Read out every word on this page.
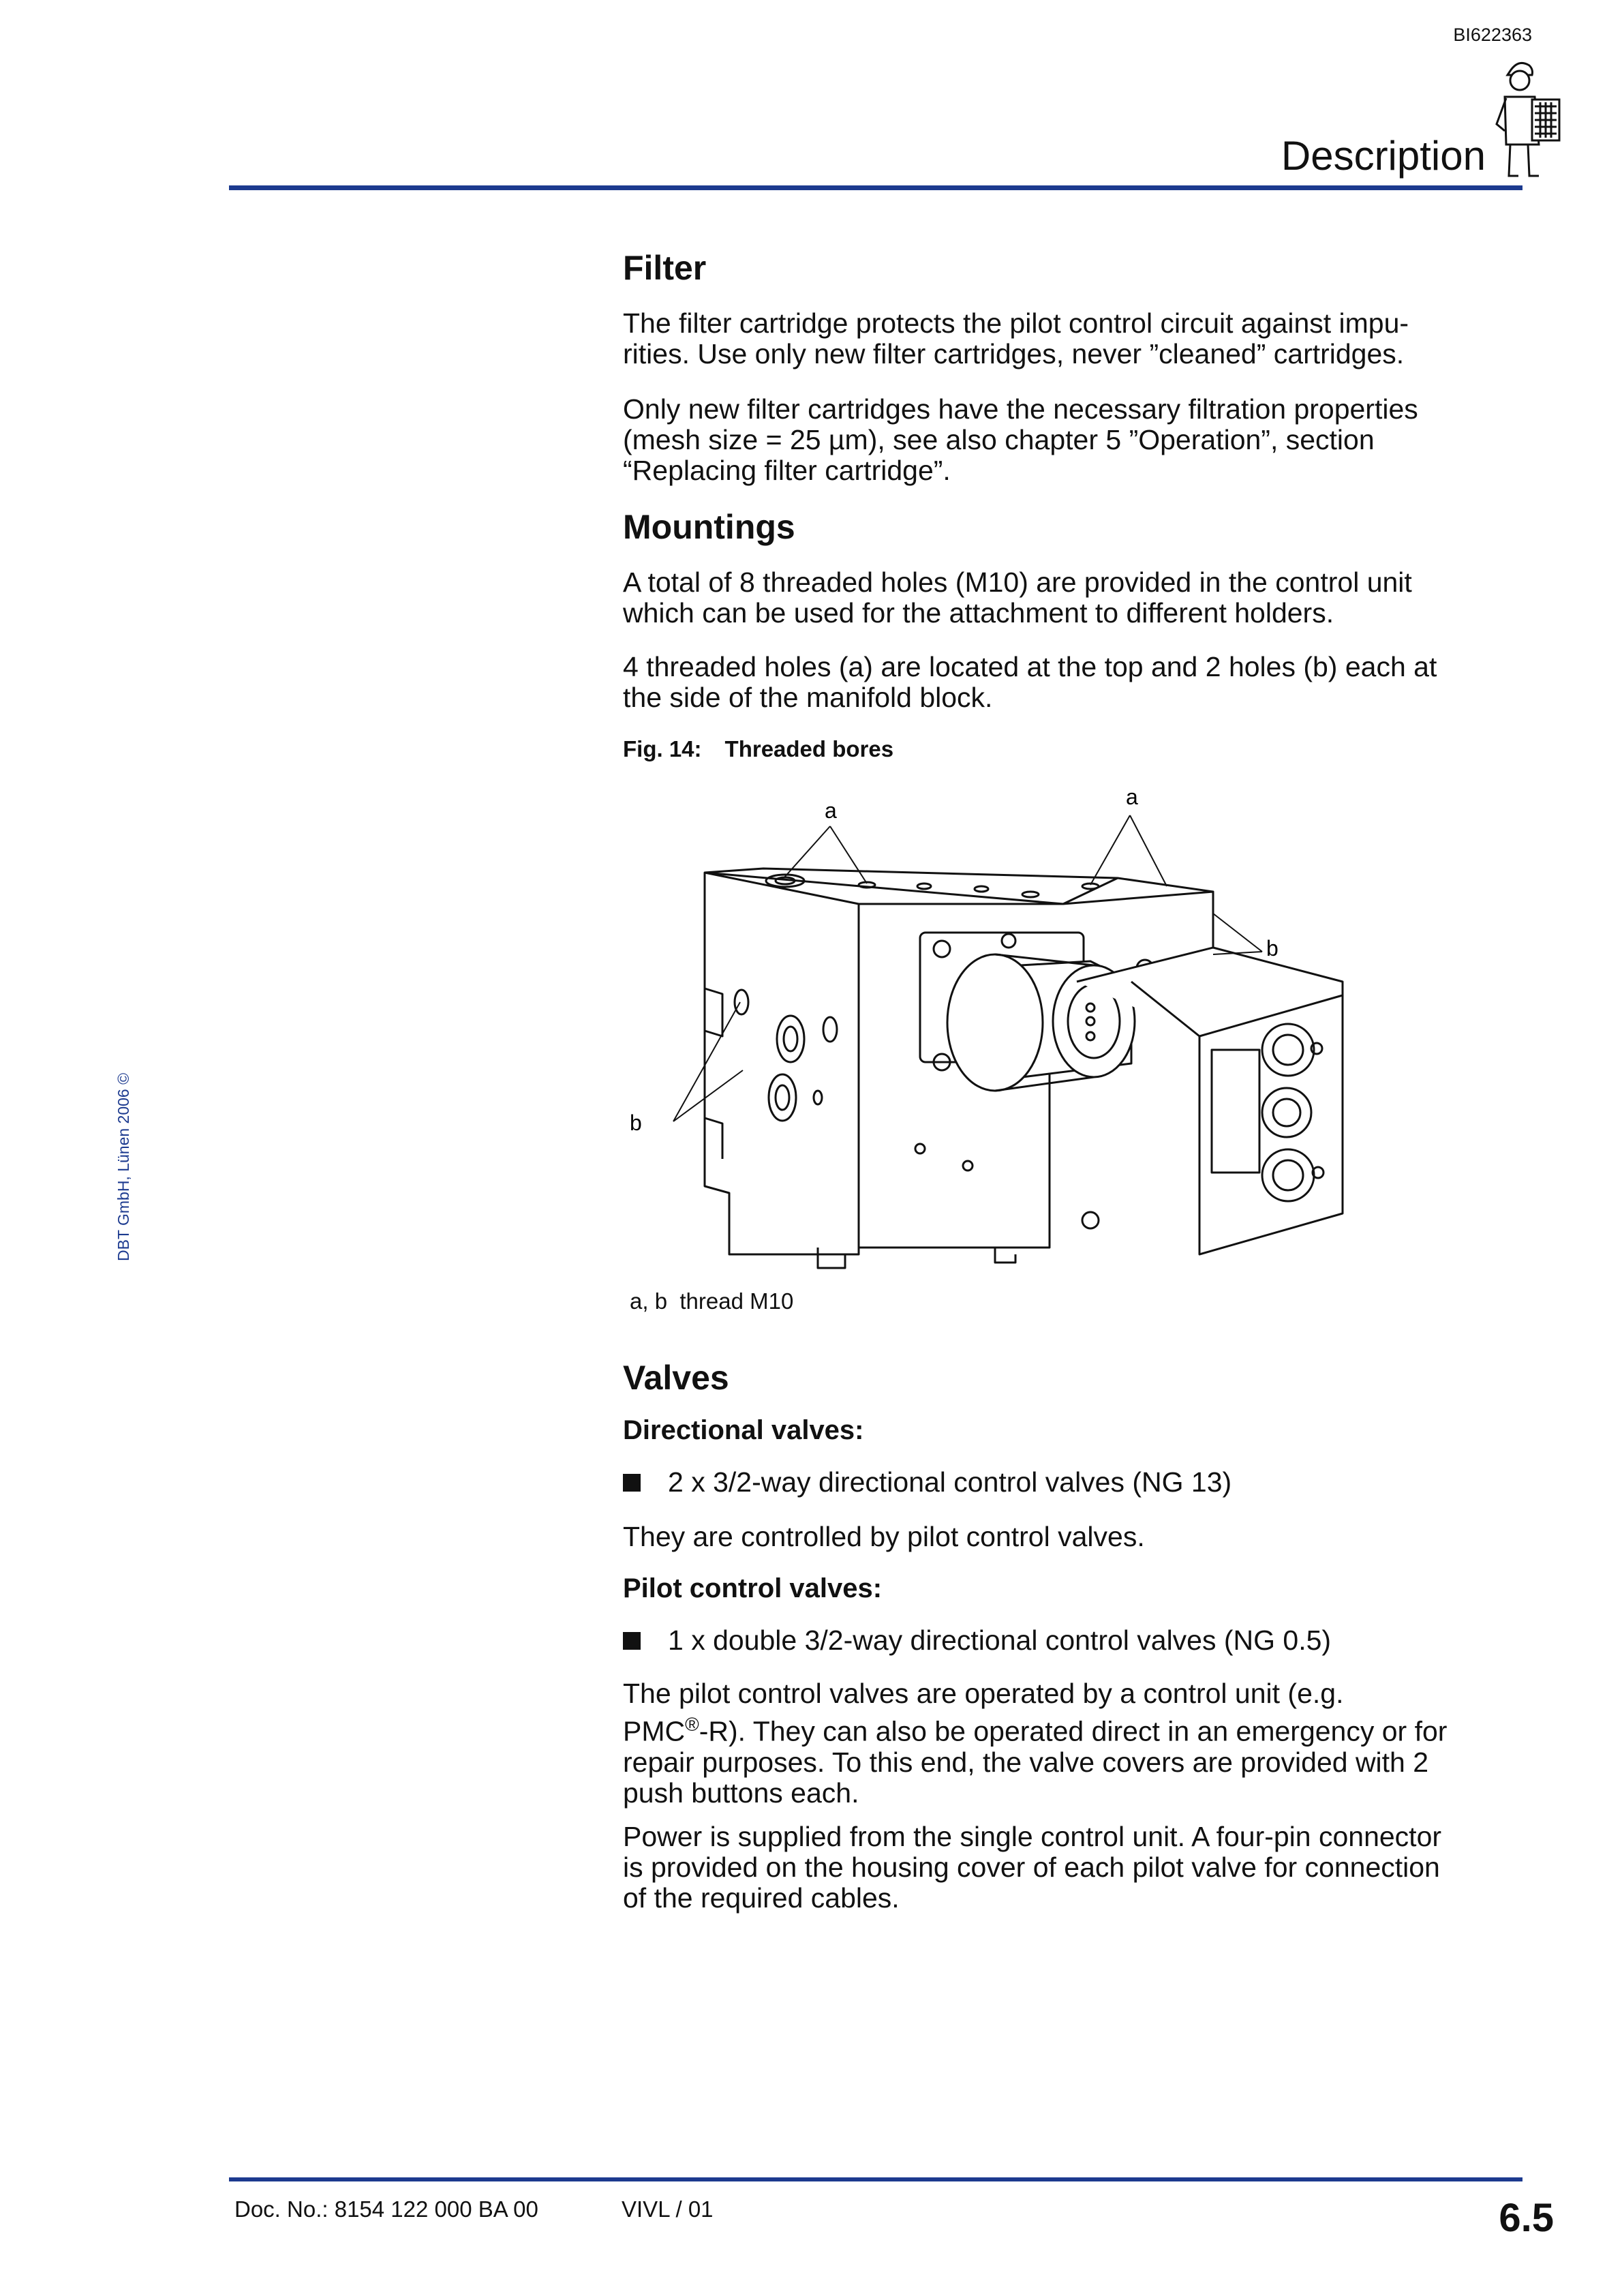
BI622363
Description
DBT GmbH, Lünen 2006 ©
Filter

The filter cartridge protects the pilot control circuit against impu-

rities. Use only new filter cartridges, never ”cleaned” cartridges.

Only new filter cartridges have the necessary filtration properties

(mesh size = 25 µm), see also chapter 5 ”Operation”, section

“Replacing filter cartridge”.

Mountings

A total of 8 threaded holes (M10) are provided in the control unit

which can be used for the attachment to different holders.

4 threaded holes (a) are located at the top and 2 holes (b) each at

the side of the manifold block.

Fig. 14: Threaded bores
a
a
b
b
a, b thread M10
Valves
Directional valves:
2 x 3/2-way directional control valves (NG 13)

They are controlled by pilot control valves.

Pilot control valves:
1 x double 3/2-way directional control valves (NG 0.5)

The pilot control valves are operated by a control unit (e.g.

PMC®-R). They can also be operated direct in an emergency or for

repair purposes. To this end, the valve covers are provided with 2

push buttons each.

Power is supplied from the single control unit. A four-pin connector

is provided on the housing cover of each pilot valve for connection

of the required cables.

Doc. No.: 8154 122 000 BA 00	VIVL / 01	6.5
